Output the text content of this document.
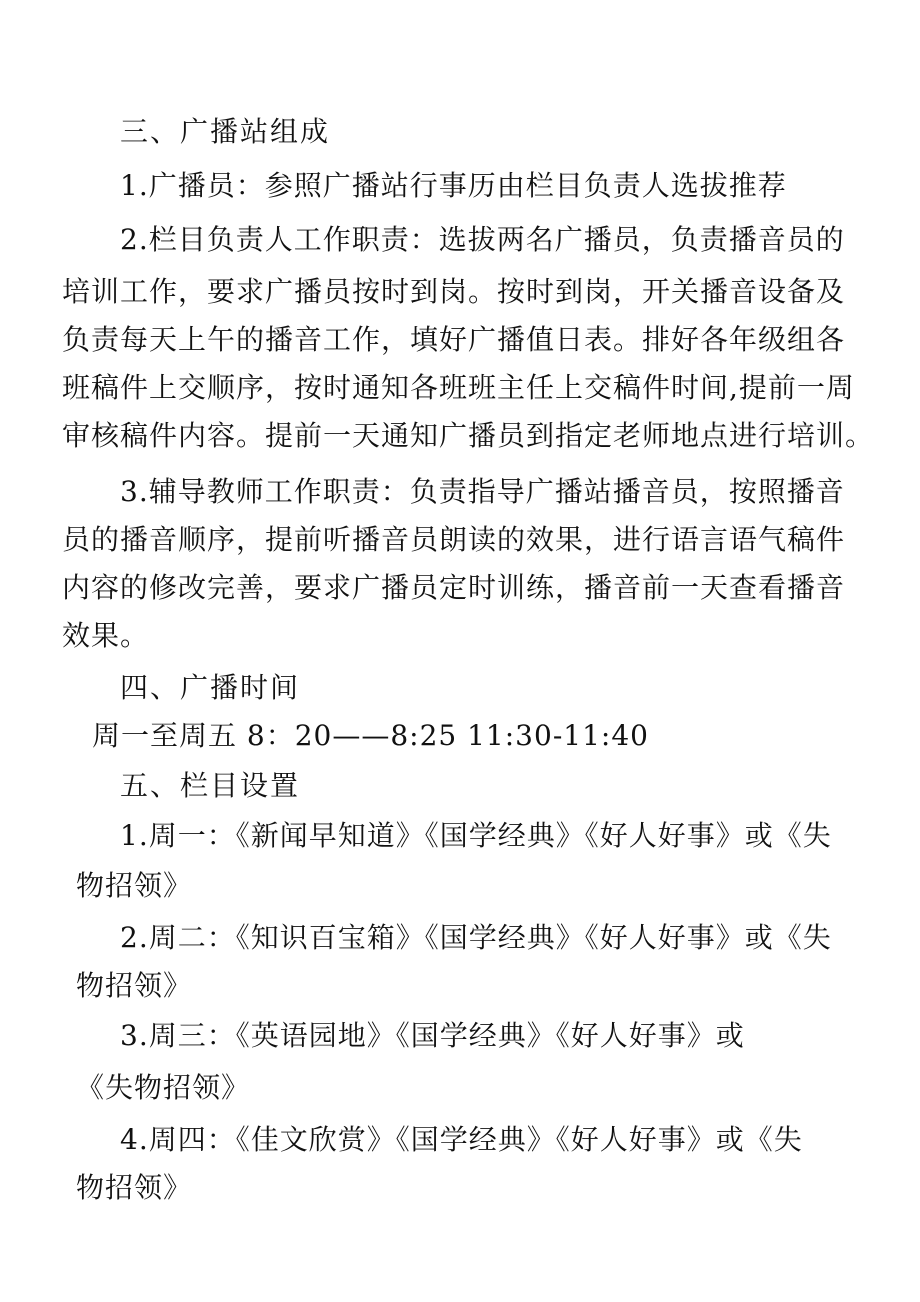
三、广播站组成
1.广播员：参照广播站行事历由栏目负责人选拔推荐
2.栏目负责人工作职责：选拔两名广播员，负责播音员的
培训工作，要求广播员按时到岗。按时到岗，开关播音设备及
负责每天上午的播音工作，填好广播值日表。排好各年级组各
班稿件上交顺序，按时通知各班班主任上交稿件时间,提前一周
审核稿件内容。提前一天通知广播员到指定老师地点进行培训。
3.辅导教师工作职责：负责指导广播站播音员，按照播音
员的播音顺序，提前听播音员朗读的效果，进行语言语气稿件
内容的修改完善，要求广播员定时训练，播音前一天查看播音
效果。
四、广播时间
周一至周五 8：20——8:25 11:30-11:40
五、栏目设置
1.周一：《新闻早知道》《国学经典》《好人好事》或《失
物招领》
2.周二：《知识百宝箱》《国学经典》《好人好事》或《失
物招领》
3.周三：《英语园地》《国学经典》《好人好事》或
《失物招领》
4.周四：《佳文欣赏》《国学经典》《好人好事》或《失
物招领》
